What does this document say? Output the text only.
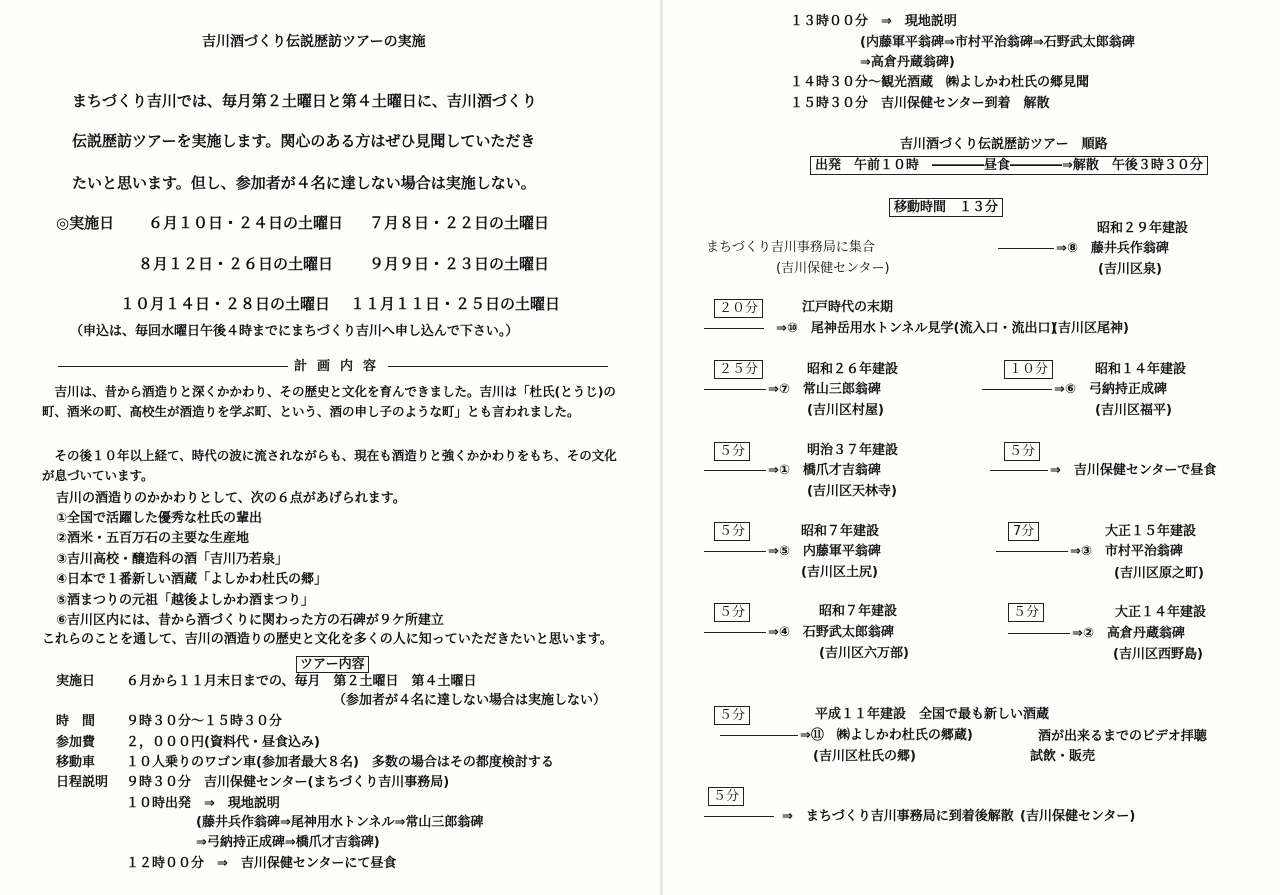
吉川酒づくり伝説歴訪ツアーの実施
まちづくり吉川では、毎月第２土曜日と第４土曜日に、吉川酒づくり
伝説歴訪ツアーを実施します。関心のある方はぜひ見聞していただき
たいと思います。但し、参加者が４名に達しない場合は実施しない。
◎実施日 ６月１０日・２４日の土曜日 ７月８日・２２日の土曜日
８月１２日・２６日の土曜日 ９月９日・２３日の土曜日
１０月１４日・２８日の土曜日 １１月１１日・２５日の土曜日
（申込は、毎回水曜日午後４時までにまちづくり吉川へ申し込んで下さい。）
計画内容

吉川は、昔から酒造りと深くかかわり、その歴史と文化を育んできました。吉川は「杜氏(とうじ)の町、酒米の町、高校生が酒造りを学ぶ町、という、酒の申し子のような町」とも言われました。

その後１０年以上経て、時代の波に流されながらも、現在も酒造りと強くかかわりをもち、その文化が息づいています。

吉川の酒造りのかかわりとして、次の６点があげられます。
①全国で活躍した優秀な杜氏の輩出
②酒米・五百万石の主要な生産地
③吉川高校・醸造科の酒「吉川乃若泉」
④日本で１番新しい酒蔵「よしかわ杜氏の郷」
⑤酒まつりの元祖「越後よしかわ酒まつり」
⑥吉川区内には、昔から酒づくりに関わった方の石碑が９ケ所建立
これらのことを通して、吉川の酒造りの歴史と文化を多くの人に知っていただきたいと思います。
ツアー内容
実施日 ６月から１１月末日までの、毎月　第２土曜日　第４土曜日
（参加者が４名に達しない場合は実施しない）
時　間 ９時３０分～１５時３０分
参加費 ２，０００円(資料代・昼食込み)
移動車 １０人乗りのワゴン車(参加者最大８名)　多数の場合はその都度検討する
日程説明 ９時３０分　吉川保健センター(まちづくり吉川事務局)
１０時出発　⇒　現地説明
(藤井兵作翁碑⇒尾神用水トンネル⇒常山三郎翁碑
⇒弓納持正成碑⇒橋爪才吉翁碑)
１２時００分　⇒　吉川保健センターにて昼食
１３時００分　⇒　現地説明
(内藤軍平翁碑⇒市村平治翁碑⇒石野武太郎翁碑
⇒高倉丹蔵翁碑)
１４時３０分～観光酒蔵　㈱よしかわ杜氏の郷見聞
１５時３０分　吉川保健センター到着　解散
吉川酒づくり伝説歴訪ツアー　順路
出発　午前１０時　――――昼食――――⇒解散　午後３時３０分
移動時間　１３分
まちづくり吉川事務局に集合
(吉川保健センター)
昭和２９年建設
⇒⑧　藤井兵作翁碑
(吉川区泉)
２０分	江戸時代の末期
⇒⑩　尾神岳用水トンネル見学(流入口・流出口)
(吉川区尾神)
２５分	昭和２６年建設
⇒⑦　常山三郎翁碑
(吉川区村屋)
１０分	昭和１４年建設
⇒⑥　弓納持正成碑
(吉川区福平)
５分	明治３７年建設
⇒①　橋爪才吉翁碑
(吉川区天林寺)
５分
⇒　吉川保健センターで昼食
５分	昭和７年建設
⇒⑤　内藤軍平翁碑
(吉川区土尻)
7分	大正１５年建設
⇒③　市村平治翁碑
(吉川区原之町)
５分	昭和７年建設
⇒④　石野武太郎翁碑
(吉川区六万部)
５分	大正１４年建設
⇒②　高倉丹蔵翁碑
(吉川区西野島)
５分	平成１１年建設　全国で最も新しい酒蔵
⇒⑪　㈱よしかわ杜氏の郷蔵)
(吉川区杜氏の郷)
酒が出来るまでのビデオ拝聴
試飲・販売
５分
⇒　まちづくり吉川事務局に到着後解散 (吉川保健センター)
